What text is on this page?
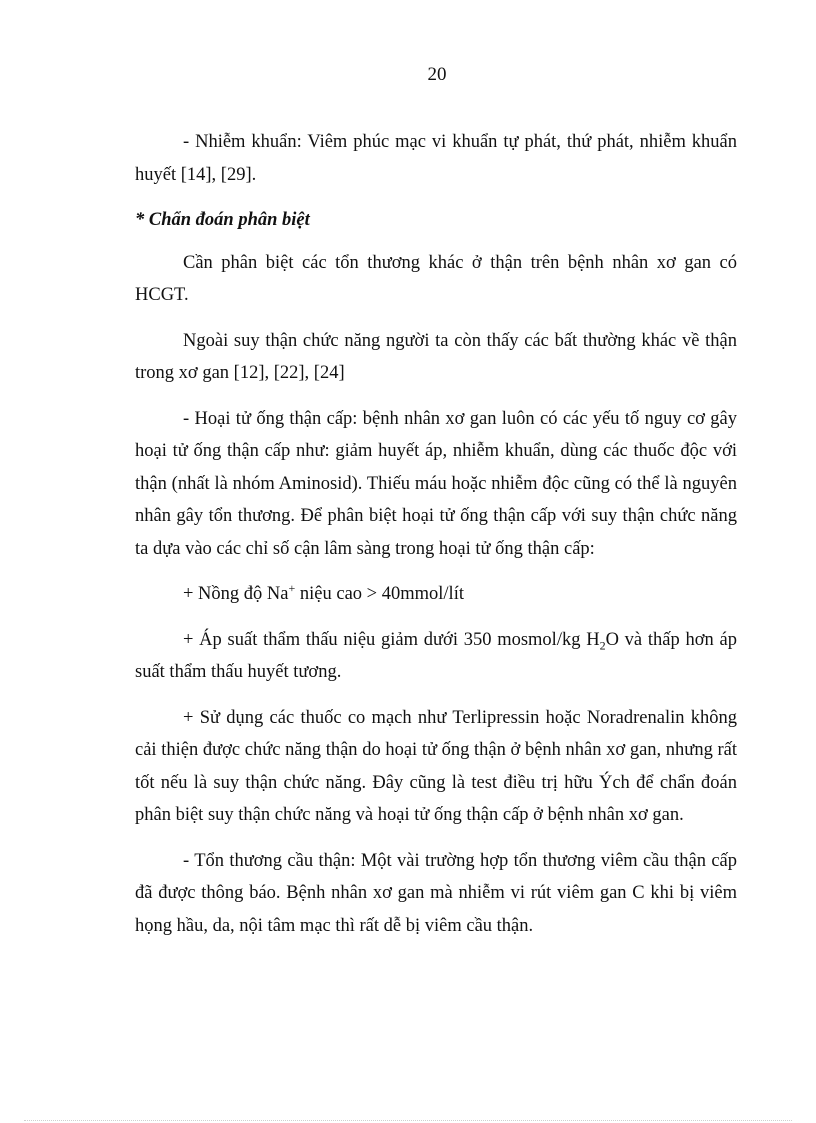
20

- Nhiễm khuẩn: Viêm phúc mạc vi khuẩn tự phát, thứ phát, nhiễm khuẩn huyết [14], [29].

* Chẩn đoán phân biệt

Cần phân biệt các tổn thương khác ở thận trên bệnh nhân xơ gan có HCGT.

Ngoài suy thận chức năng người ta còn thấy các bất thường khác về thận trong xơ gan [12], [22], [24]

- Hoại tử ống thận cấp: bệnh nhân xơ gan luôn có các yếu tố nguy cơ gây hoại tử ống thận cấp như: giảm huyết áp, nhiễm khuẩn, dùng các thuốc độc với thận (nhất là nhóm Aminosid). Thiếu máu hoặc nhiễm độc cũng có thể là nguyên nhân gây tổn thương. Để phân biệt hoại tử ống thận cấp với suy thận chức năng ta dựa vào các chỉ số cận lâm sàng trong hoại tử ống thận cấp:

+ Nồng độ Na+ niệu cao > 40mmol/lít

+ Áp suất thẩm thấu niệu giảm dưới 350 mosmol/kg $H_2O$ và thấp hơn áp suất thẩm thấu huyết tương.

+ Sử dụng các thuốc co mạch như Terlipressin hoặc Noradrenalin không cải thiện được chức năng thận do hoại tử ống thận ở bệnh nhân xơ gan, nhưng rất tốt nếu là suy thận chức năng. Đây cũng là test điều trị hữu Ých để chẩn đoán phân biệt suy thận chức năng và hoại tử ống thận cấp ở bệnh nhân xơ gan.

- Tổn thương cầu thận: Một vài trường hợp tổn thương viêm cầu thận cấp đã được thông báo. Bệnh nhân xơ gan mà nhiễm vi rút viêm gan C khi bị viêm họng hầu, da, nội tâm mạc thì rất dễ bị viêm cầu thận.
